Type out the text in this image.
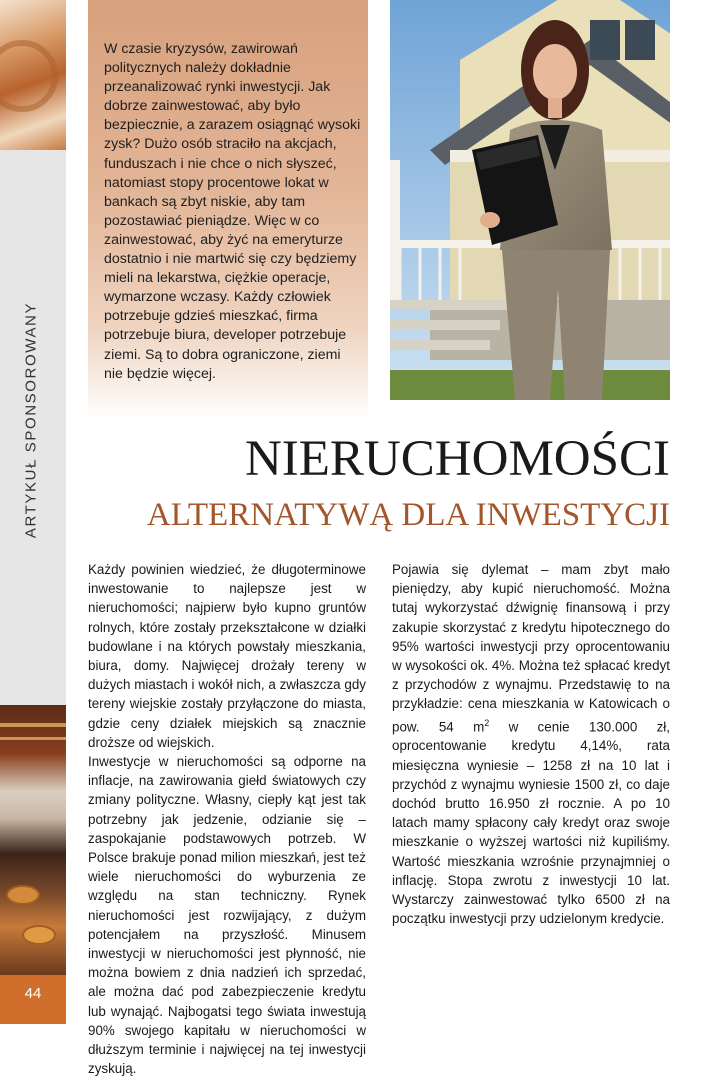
ARTYKUŁ SPONSOROWANY
44

W czasie kryzysów, zawirowań politycznych należy dokładnie przeanalizować rynki inwestycji. Jak dobrze zainwestować, aby było bezpiecznie, a zarazem osiągnąć wysoki zysk? Dużo osób straciło na akcjach, funduszach i nie chce o nich słyszeć, natomiast stopy procentowe lokat w bankach są zbyt niskie, aby tam pozostawiać pieniądze. Więc w co zainwestować, aby żyć na emeryturze dostatnio i nie martwić się czy będziemy mieli na lekarstwa, ciężkie operacje, wymarzone wczasy. Każdy człowiek potrzebuje gdzieś mieszkać, firma potrzebuje biura, developer potrzebuje ziemi. Są to dobra ograniczone, ziemi nie będzie więcej.

NIERUCHOMOŚCI
ALTERNATYWĄ DLA INWESTYCJI

Każdy powinien wiedzieć, że długoterminowe inwestowanie to najlepsze jest w nieruchomości; najpierw było kupno gruntów rolnych, które zostały przekształcone w działki budowlane i na których powstały mieszkania, biura, domy. Najwięcej drożały tereny w dużych miastach i wokół nich, a zwłaszcza gdy tereny wiejskie zostały przyłączone do miasta, gdzie ceny działek miejskich są znacznie droższe od wiejskich.

Inwestycje w nieruchomości są odporne na inflacje, na zawirowania giełd światowych czy zmiany polityczne. Własny, ciepły kąt jest tak potrzebny jak jedzenie, odzianie się – zaspokajanie podstawowych potrzeb. W Polsce brakuje ponad milion mieszkań, jest też wiele nieruchomości do wyburzenia ze względu na stan techniczny. Rynek nieruchomości jest rozwijający, z dużym potencjałem na przyszłość. Minusem inwestycji w nieruchomości jest płynność, nie można bowiem z dnia nadzień ich sprzedać, ale można dać pod zabezpieczenie kredytu lub wynająć. Najbogatsi tego świata inwestują 90% swojego kapitału w nieruchomości w dłuższym terminie i najwięcej na tej inwestycji zyskują.

Pojawia się dylemat – mam zbyt mało pieniędzy, aby kupić nieruchomość. Można tutaj wykorzystać dźwignię finansową i przy zakupie skorzystać z kredytu hipotecznego do 95% wartości inwestycji przy oprocentowaniu w wysokości ok. 4%. Można też spłacać kredyt z przychodów z wynajmu. Przedstawię to na przykładzie: cena mieszkania w Katowicach o pow. 54 $m^2$ w cenie 130.000 zł, oprocentowanie kredytu 4,14%, rata miesięczna wyniesie – 1258 zł na 10 lat i przychód z wynajmu wyniesie 1500 zł, co daje dochód brutto 16.950 zł rocznie. A po 10 latach mamy spłacony cały kredyt oraz swoje mieszkanie o wyższej wartości niż kupiliśmy. Wartość mieszkania wzrośnie przynajmniej o inflację. Stopa zwrotu z inwestycji 10 lat. Wystarczy zainwestować tylko 6500 zł na początku inwestycji przy udzielonym kredycie.
